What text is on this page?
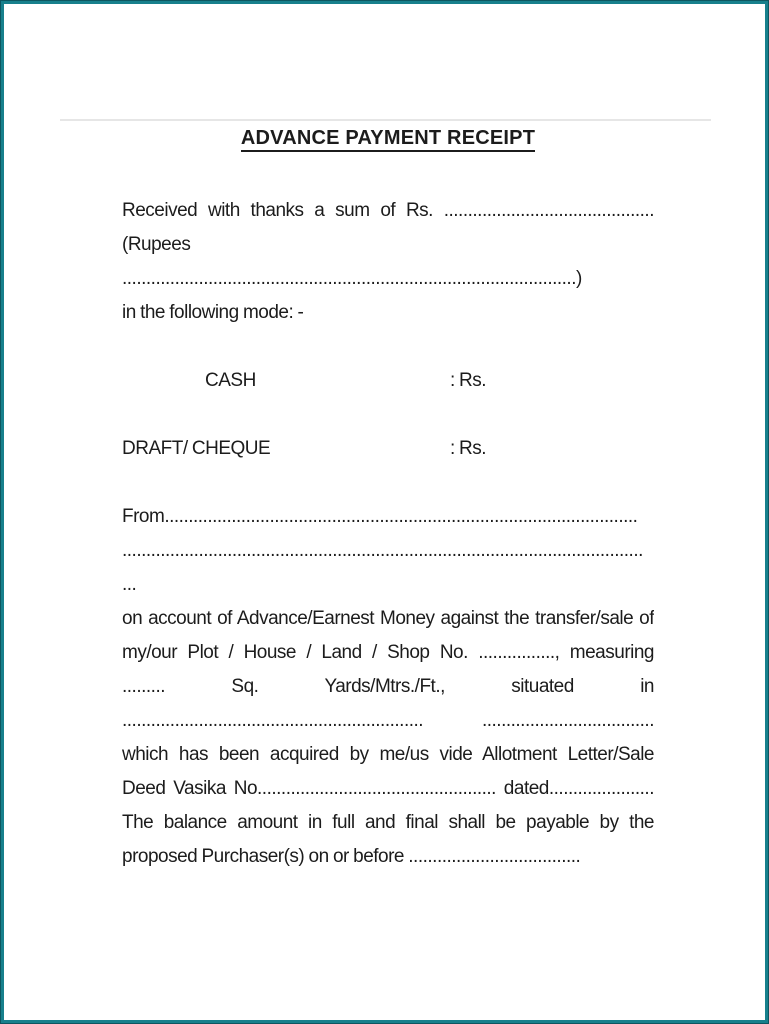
ADVANCE PAYMENT RECEIPT
Received with thanks a sum of Rs. ............................................
(Rupees
...............................................................................................)
in the following mode: -
CASH	: Rs.
DRAFT/ CHEQUE	: Rs.
From...................................................................................................
.............................................................................................................
...
on account of Advance/Earnest Money against the transfer/sale of
my/our Plot / House / Land / Shop No. ................, measuring
......... Sq. Yards/Mtrs./Ft., situated in
............................................................... ....................................
which has been acquired by me/us vide Allotment Letter/Sale
Deed Vasika No.................................................. dated......................
The balance amount in full and final shall be payable by the
proposed Purchaser(s) on or before ....................................
